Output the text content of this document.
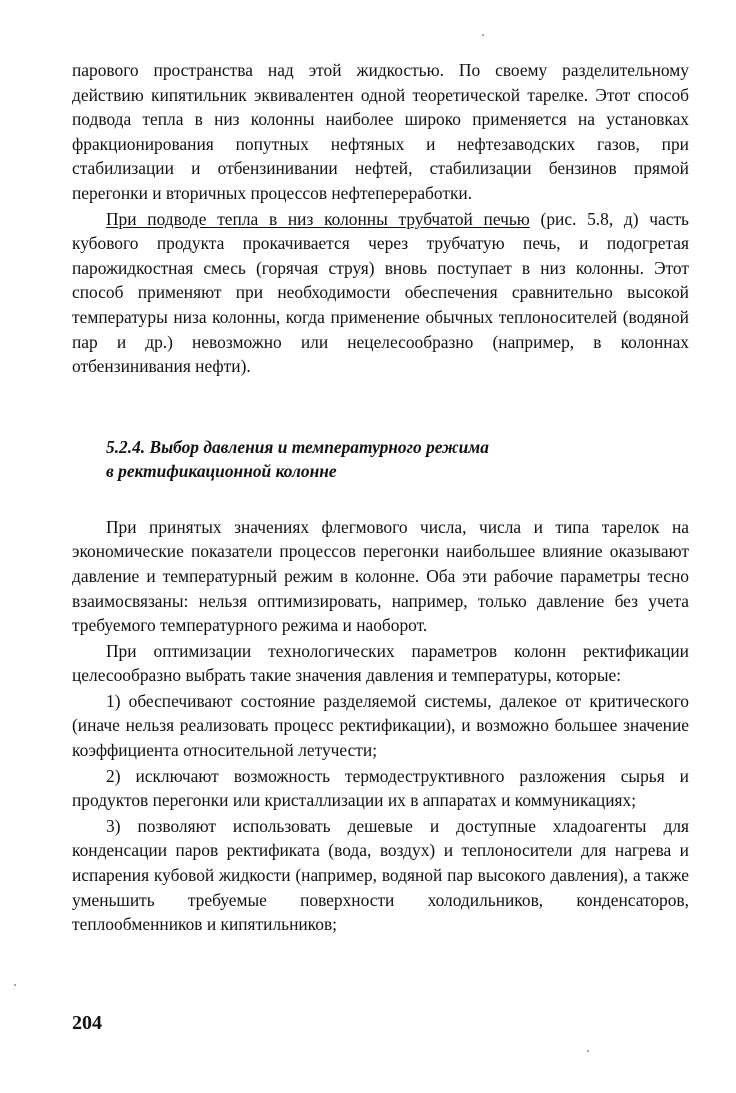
парового пространства над этой жидкостью. По своему разделительному действию кипятильник эквивалентен одной теоретической тарелке. Этот способ подвода тепла в низ колонны наиболее широко применяется на установках фракционирования попутных нефтяных и нефтезаводских газов, при стабилизации и отбензинивании нефтей, стабилизации бензинов прямой перегонки и вторичных процессов нефтепереработки.

При подводе тепла в низ колонны трубчатой печью (рис. 5.8, д) часть кубового продукта прокачивается через трубчатую печь, и подогретая парожидкостная смесь (горячая струя) вновь поступает в низ колонны. Этот способ применяют при необходимости обеспечения сравнительно высокой температуры низа колонны, когда применение обычных теплоносителей (водяной пар и др.) невозможно или нецелесообразно (например, в колоннах отбензинивания нефти).

5.2.4. Выбор давления и температурного режима
в ректификационной колонне

При принятых значениях флегмового числа, числа и типа тарелок на экономические показатели процессов перегонки наибольшее влияние оказывают давление и температурный режим в колонне. Оба эти рабочие параметры тесно взаимосвязаны: нельзя оптимизировать, например, только давление без учета требуемого температурного режима и наоборот.

При оптимизации технологических параметров колонн ректификации целесообразно выбрать такие значения давления и температуры, которые:

1) обеспечивают состояние разделяемой системы, далекое от критического (иначе нельзя реализовать процесс ректификации), и возможно большее значение коэффициента относительной летучести;

2) исключают возможность термодеструктивного разложения сырья и продуктов перегонки или кристаллизации их в аппаратах и коммуникациях;

3) позволяют использовать дешевые и доступные хладоагенты для конденсации паров ректификата (вода, воздух) и теплоносители для нагрева и испарения кубовой жидкости (например, водяной пар высокого давления), а также уменьшить требуемые поверхности холодильников, конденсаторов, теплообменников и кипятильников;

204
